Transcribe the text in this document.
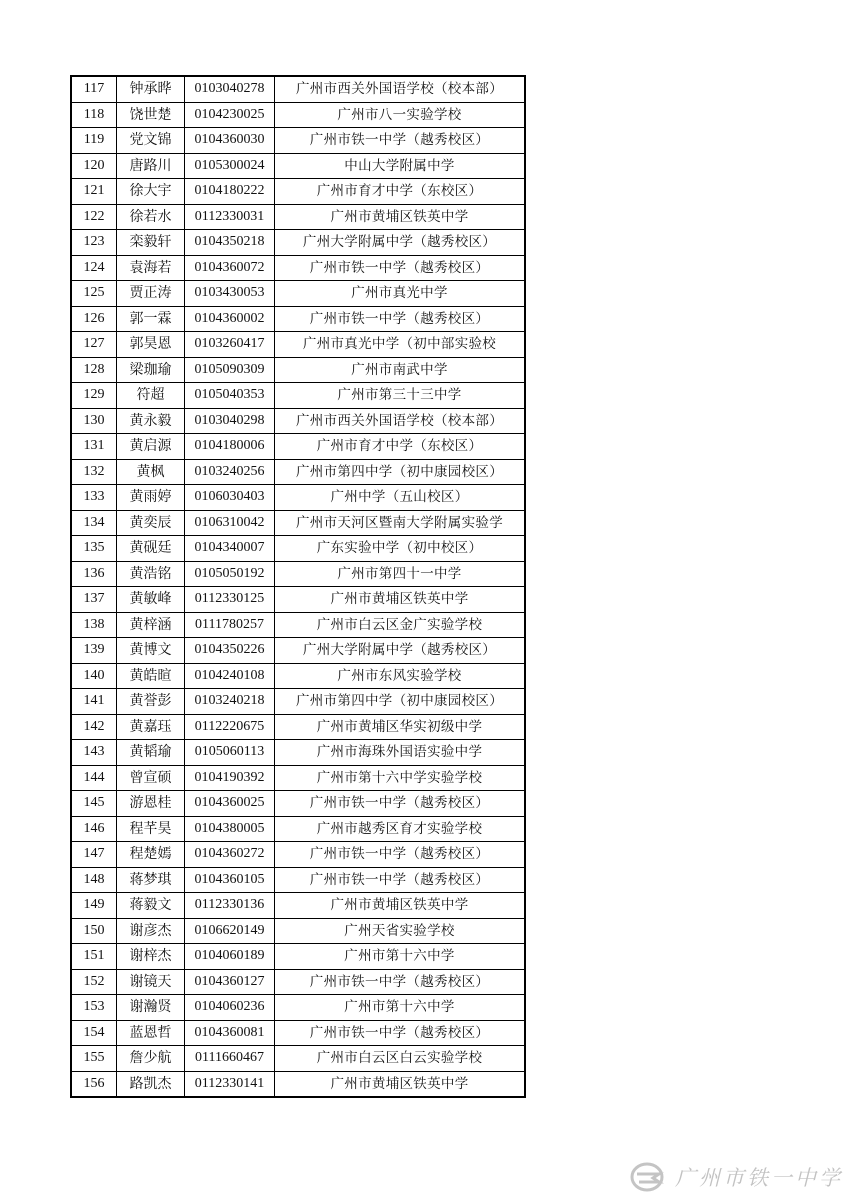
117	钟承晔	0103040278	广州市西关外国语学校（校本部）
118	饶世楚	0104230025	广州市八一实验学校
119	党文锦	0104360030	广州市铁一中学（越秀校区）
120	唐路川	0105300024	中山大学附属中学
121	徐大宇	0104180222	广州市育才中学（东校区）
122	徐若水	0112330031	广州市黄埔区铁英中学
123	栾毅轩	0104350218	广州大学附属中学（越秀校区）
124	袁海若	0104360072	广州市铁一中学（越秀校区）
125	贾正涛	0103430053	广州市真光中学
126	郭一霖	0104360002	广州市铁一中学（越秀校区）
127	郭昊恩	0103260417	广州市真光中学（初中部实验校
128	梁珈瑜	0105090309	广州市南武中学
129	符超	0105040353	广州市第三十三中学
130	黄永毅	0103040298	广州市西关外国语学校（校本部）
131	黄启源	0104180006	广州市育才中学（东校区）
132	黄枫	0103240256	广州市第四中学（初中康园校区）
133	黄雨婷	0106030403	广州中学（五山校区）
134	黄奕辰	0106310042	广州市天河区暨南大学附属实验学
135	黄砚廷	0104340007	广东实验中学（初中校区）
136	黄浩铭	0105050192	广州市第四十一中学
137	黄敏峰	0112330125	广州市黄埔区铁英中学
138	黄梓涵	0111780257	广州市白云区金广实验学校
139	黄博文	0104350226	广州大学附属中学（越秀校区）
140	黄皓暄	0104240108	广州市东风实验学校
141	黄誉彭	0103240218	广州市第四中学（初中康园校区）
142	黄嘉珏	0112220675	广州市黄埔区华实初级中学
143	黄韬瑜	0105060113	广州市海珠外国语实验中学
144	曾宣硕	0104190392	广州市第十六中学实验学校
145	游恩桂	0104360025	广州市铁一中学（越秀校区）
146	程芊昊	0104380005	广州市越秀区育才实验学校
147	程楚嫣	0104360272	广州市铁一中学（越秀校区）
148	蒋梦琪	0104360105	广州市铁一中学（越秀校区）
149	蒋毅文	0112330136	广州市黄埔区铁英中学
150	谢彦杰	0106620149	广州天省实验学校
151	谢梓杰	0104060189	广州市第十六中学
152	谢镜天	0104360127	广州市铁一中学（越秀校区）
153	谢瀚贤	0104060236	广州市第十六中学
154	蓝恩哲	0104360081	广州市铁一中学（越秀校区）
155	詹少航	0111660467	广州市白云区白云实验学校
156	路凯杰	0112330141	广州市黄埔区铁英中学
广州市铁一中学
